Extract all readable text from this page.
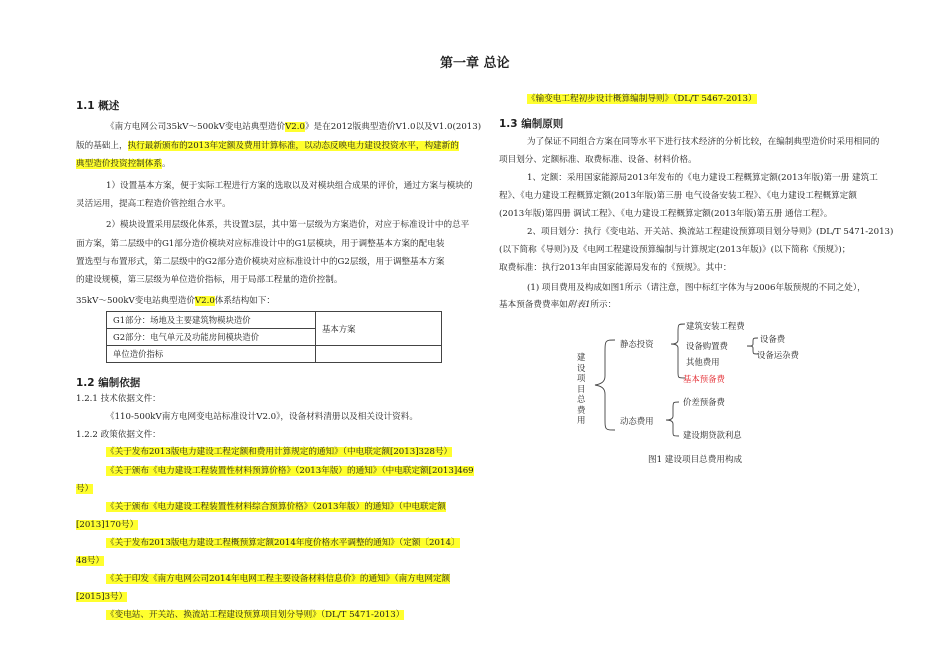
第一章 总论
1.1 概述
《南方电网公司35kV～500kV变电站典型造价V2.0》是在2012版典型造价V1.0以及V1.0(2013)
版的基础上，执行最新颁布的2013年定额及费用计算标准，以动态反映电力建设投资水平，构建新的
典型造价投资控制体系。
1）设置基本方案，便于实际工程进行方案的选取以及对模块组合成果的评价，通过方案与模块的
灵活运用，提高工程造价管控组合水平。
2）模块设置采用层级化体系，共设置3层，其中第一层级为方案造价，对应于标准设计中的总平
面方案，第二层级中的G1部分造价模块对应标准设计中的G1层模块，用于调整基本方案的配电装
置选型与布置形式，第二层级中的G2部分造价模块对应标准设计中的G2层级，用于调整基本方案
的建设规模，第三层级为单位造价指标，用于局部工程量的造价控制。
35kV～500kV变电站典型造价V2.0体系结构如下：
G1部分：场地及主要建筑物模块造价	基本方案
G2部分：电气单元及功能房间模块造价	
单位造价指标	
1.2 编制依据
1.2.1 技术依据文件：
《110-500kV南方电网变电站标准设计V2.0》，设备材料清册以及相关设计资料。
1.2.2 政策依据文件：
《关于发布2013版电力建设工程定额和费用计算规定的通知》（中电联定额[2013]328号）
《关于颁布《电力建设工程装置性材料预算价格》（2013年版）的通知》（中电联定额[2013]469
号）
《关于颁布《电力建设工程装置性材料综合预算价格》（2013年版）的通知》（中电联定额
[2013]170号）
《关于发布2013版电力建设工程概预算定额2014年度价格水平调整的通知》（定额〔2014〕
48号）
《关于印发《南方电网公司2014年电网工程主要设备材料信息价》的通知》（南方电网定额
[2015]3号）
《变电站、开关站、换流站工程建设预算项目划分导则》（DL/T 5471-2013）
《输变电工程初步设计概算编制导则》（DL/T 5467-2013）
1.3 编制原则
为了保证不同组合方案在同等水平下进行技术经济的分析比较，在编制典型造价时采用相同的
项目划分、定额标准、取费标准、设备、材料价格。
1、定额：采用国家能源局2013年发布的《电力建设工程概算定额(2013年版)第一册 建筑工
程》、《电力建设工程概算定额(2013年版)第三册 电气设备安装工程》、《电力建设工程概算定额
(2013年版)第四册 调试工程》、《电力建设工程概算定额(2013年版)第五册 通信工程》。
2、项目划分：执行《变电站、开关站、换流站工程建设预算项目划分导则》(DL/T 5471-2013)
(以下简称《导则》)及《电网工程建设预算编制与计算规定(2013年版)》(以下简称《预规》)；
取费标准：执行2013年由国家能源局发布的《预规》。其中：
(1) 项目费用及构成如图1所示（请注意，图中标红字体为与2006年版预规的不同之处），
基本预备费费率如附表1所示：
建设项目总费用
静态投资
动态费用
建筑安装工程费
设备购置费
其他费用
基本预备费
设备费
设备运杂费
价差预备费
建设期贷款利息
图1 建设项目总费用构成
